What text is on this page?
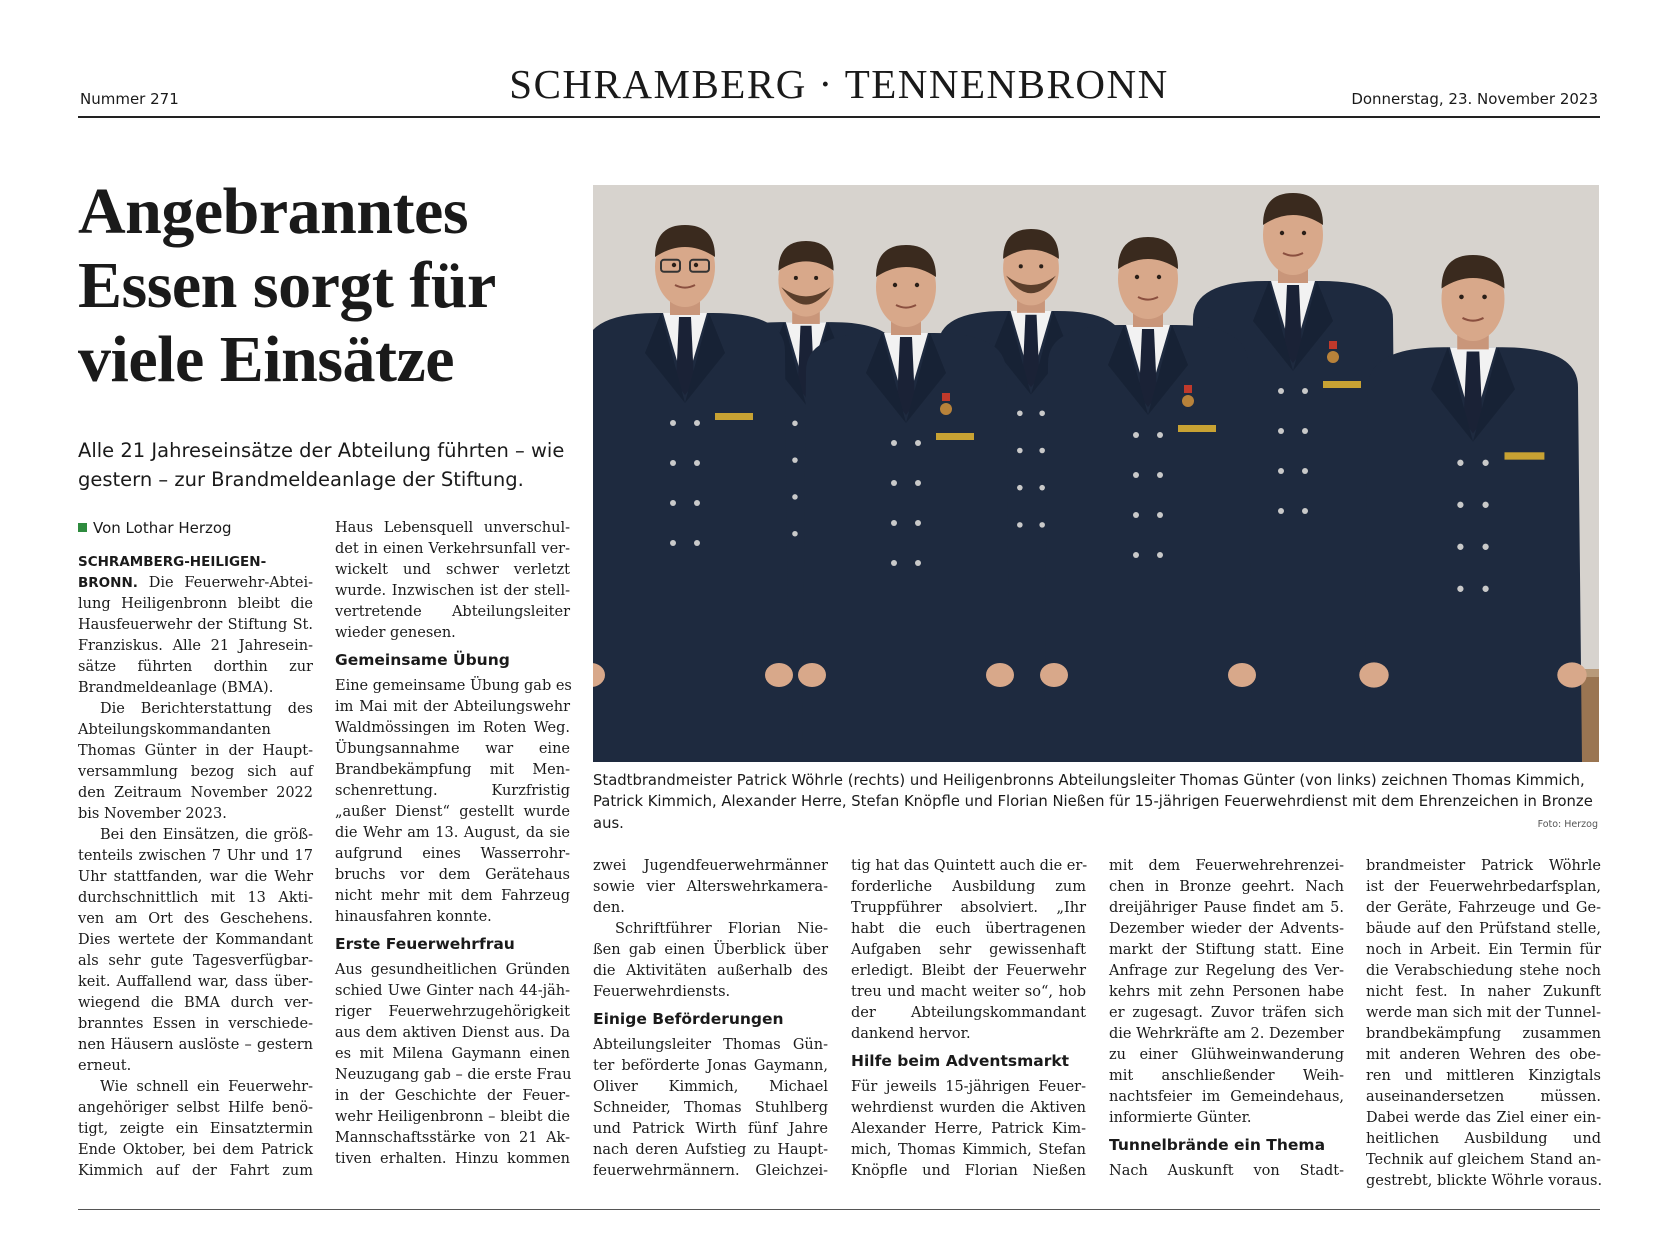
Nummer 271	SCHRAMBERG · TENNENBRONN	Donnerstag, 23. November 2023
Angebranntes
Essen sorgt für
viele Einsätze

Alle 21 Jahreseinsätze der Abteilung führten – wie
gestern – zur Brandmeldeanlage der Stiftung.

Stadtbrandmeister Patrick Wöhrle (rechts) und Heiligenbronns Abteilungsleiter Thomas Günter (von links) zeichnen Thomas Kimmich,
Patrick Kimmich, Alexander Herre, Stefan Knöpfle und Florian Nießen für 15-jährigen Feuerwehrdienst mit dem Ehrenzeichen in Bronze
aus.	Foto: Herzog
Von Lothar Herzog
SCHRAMBERG-HEILIGEN-
BRONN. Die Feuerwehr-Abtei-
lung Heiligenbronn bleibt die
Hausfeuerwehr der Stiftung St.
Franziskus. Alle 21 Jahresein-
sätze führten dorthin zur
Brandmeldeanlage (BMA).
Die Berichterstattung des
Abteilungskommandanten
Thomas Günter in der Haupt-
versammlung bezog sich auf
den Zeitraum November 2022
bis November 2023.
Bei den Einsätzen, die größ-
tenteils zwischen 7 Uhr und 17
Uhr stattfanden, war die Wehr
durchschnittlich mit 13 Akti-
ven am Ort des Geschehens.
Dies wertete der Kommandant
als sehr gute Tagesverfügbar-
keit. Auffallend war, dass über-
wiegend die BMA durch ver-
branntes Essen in verschiede-
nen Häusern auslöste – gestern
erneut.
Wie schnell ein Feuerwehr-
angehöriger selbst Hilfe benö-
tigt, zeigte ein Einsatztermin
Ende Oktober, bei dem Patrick
Kimmich auf der Fahrt zum
Haus Lebensquell unverschul-
det in einen Verkehrsunfall ver-
wickelt und schwer verletzt
wurde. Inzwischen ist der stell-
vertretende Abteilungsleiter
wieder genesen.
Gemeinsame Übung
Eine gemeinsame Übung gab es
im Mai mit der Abteilungswehr
Waldmössingen im Roten Weg.
Übungsannahme war eine
Brandbekämpfung mit Men-
schenrettung. Kurzfristig
„außer Dienst“ gestellt wurde
die Wehr am 13. August, da sie
aufgrund eines Wasserrohr-
bruchs vor dem Gerätehaus
nicht mehr mit dem Fahrzeug
hinausfahren konnte.
Erste Feuerwehrfrau
Aus gesundheitlichen Gründen
schied Uwe Ginter nach 44-jäh-
riger Feuerwehrzugehörigkeit
aus dem aktiven Dienst aus. Da
es mit Milena Gaymann einen
Neuzugang gab – die erste Frau
in der Geschichte der Feuer-
wehr Heiligenbronn – bleibt die
Mannschaftsstärke von 21 Ak-
tiven erhalten. Hinzu kommen
zwei Jugendfeuerwehrmänner
sowie vier Alterswehrkamera-
den.
Schriftführer Florian Nie-
ßen gab einen Überblick über
die Aktivitäten außerhalb des
Feuerwehrdiensts.
Einige Beförderungen
Abteilungsleiter Thomas Gün-
ter beförderte Jonas Gaymann,
Oliver Kimmich, Michael
Schneider, Thomas Stuhlberg
und Patrick Wirth fünf Jahre
nach deren Aufstieg zu Haupt-
feuerwehrmännern. Gleichzei-
tig hat das Quintett auch die er-
forderliche Ausbildung zum
Truppführer absolviert. „Ihr
habt die euch übertragenen
Aufgaben sehr gewissenhaft
erledigt. Bleibt der Feuerwehr
treu und macht weiter so“, hob
der Abteilungskommandant
dankend hervor.
Hilfe beim Adventsmarkt
Für jeweils 15-jährigen Feuer-
wehrdienst wurden die Aktiven
Alexander Herre, Patrick Kim-
mich, Thomas Kimmich, Stefan
Knöpfle und Florian Nießen
mit dem Feuerwehrehrenzei-
chen in Bronze geehrt. Nach
dreijähriger Pause findet am 5.
Dezember wieder der Advents-
markt der Stiftung statt. Eine
Anfrage zur Regelung des Ver-
kehrs mit zehn Personen habe
er zugesagt. Zuvor träfen sich
die Wehrkräfte am 2. Dezember
zu einer Glühweinwanderung
mit anschließender Weih-
nachtsfeier im Gemeindehaus,
informierte Günter.
Tunnelbrände ein Thema
Nach Auskunft von Stadt-
brandmeister Patrick Wöhrle
ist der Feuerwehrbedarfsplan,
der Geräte, Fahrzeuge und Ge-
bäude auf den Prüfstand stelle,
noch in Arbeit. Ein Termin für
die Verabschiedung stehe noch
nicht fest. In naher Zukunft
werde man sich mit der Tunnel-
brandbekämpfung zusammen
mit anderen Wehren des obe-
ren und mittleren Kinzigtals
auseinandersetzen müssen.
Dabei werde das Ziel einer ein-
heitlichen Ausbildung und
Technik auf gleichem Stand an-
gestrebt, blickte Wöhrle voraus.
